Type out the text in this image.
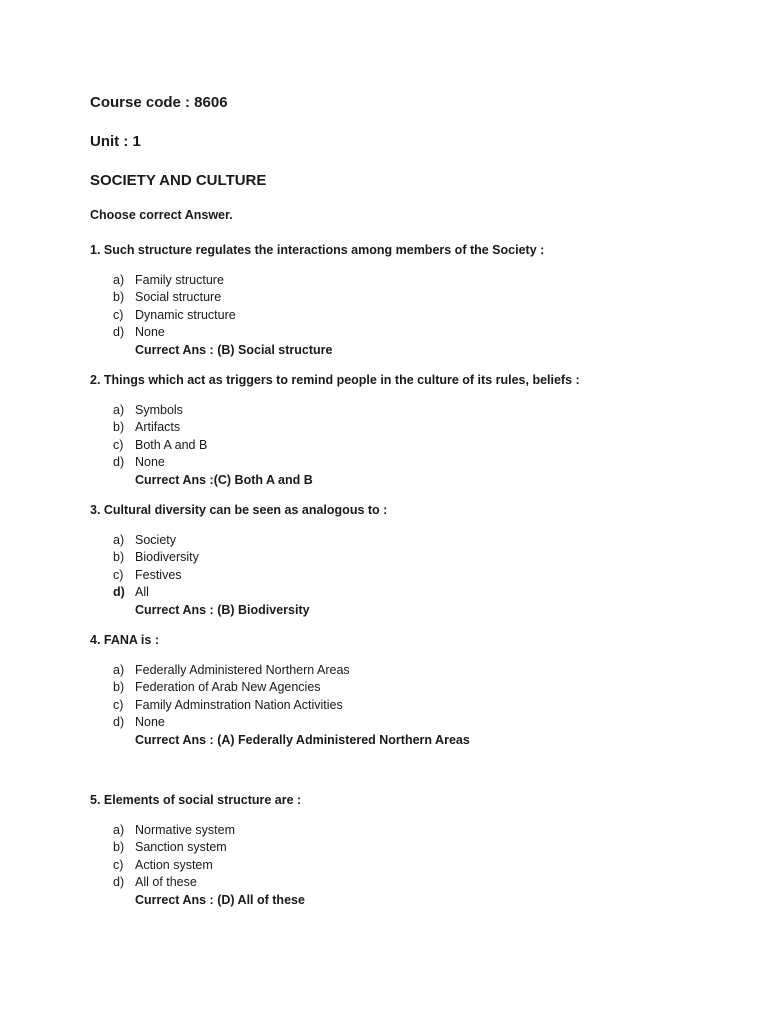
Course code : 8606
Unit : 1
SOCIETY AND CULTURE
Choose correct Answer.
1. Such structure regulates the interactions among members of the Society :
a) Family structure
b) Social structure
c) Dynamic structure
d) None
Currect Ans : (B) Social structure
2. Things which act as triggers to remind people in the culture of its rules, beliefs :
a) Symbols
b) Artifacts
c) Both A and B
d) None
Currect Ans :(C) Both A and B
3. Cultural diversity can be seen as analogous to :
a) Society
b) Biodiversity
c) Festives
d) All
Currect Ans : (B) Biodiversity
4. FANA is :
a) Federally Administered Northern Areas
b) Federation of Arab New Agencies
c) Family Adminstration Nation Activities
d) None
Currect Ans : (A) Federally Administered Northern Areas
5. Elements of social structure are :
a) Normative system
b) Sanction system
c) Action system
d) All of these
Currect Ans : (D) All of these
